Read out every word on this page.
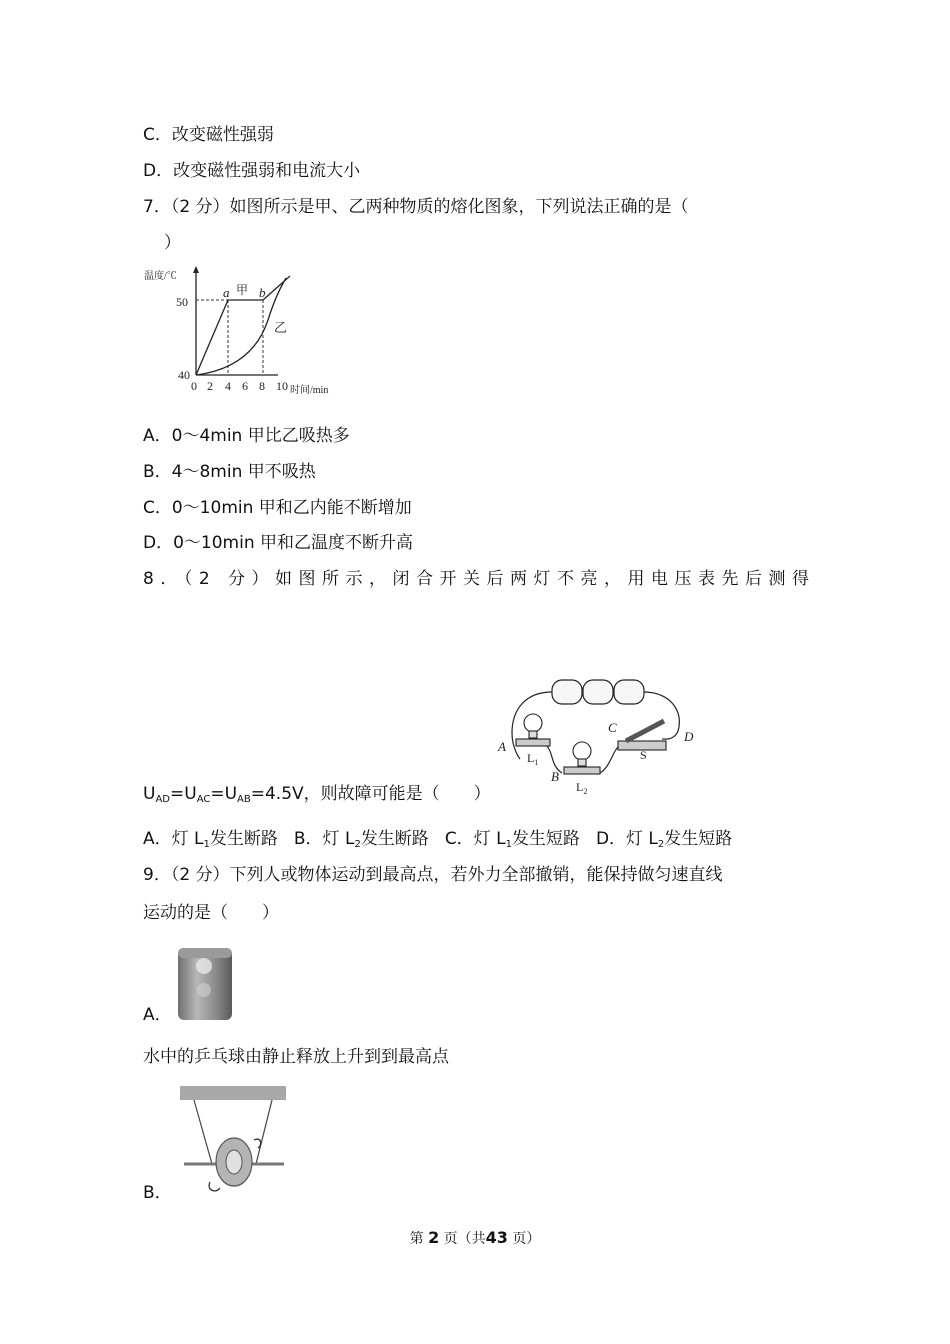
C．改变磁性强弱
D．改变磁性强弱和电流大小
7．（2 分）如图所示是甲、乙两种物质的熔化图象，下列说法正确的是（
）
温度/℃
50
40
0 2 4 6 8 10 时间/min
a b
甲
乙
A．0～4min 甲比乙吸热多
B．4～8min 甲不吸热
C．0～10min 甲和乙内能不断增加
D．0～10min 甲和乙温度不断升高
8．（2 分）如图所示，闭合开关后两灯不亮，用电压表先后测得
A
B
C
D
S
$L_1$
$L_2$
$U_{AD}=U_{AC}=U_{AB}=4.5V$，则故障可能是（　　）
A．灯 $L_1$发生断路 B．灯 $L_2$发生断路 C．灯 $L_1$发生短路 D．灯 $L_2$发生短路
9．（2 分）下列人或物体运动到最高点，若外力全部撤销，能保持做匀速直线
运动的是（　　）
A．
水中的乒乓球由静止释放上升到到最高点
B．
第 2 页（共43 页）
